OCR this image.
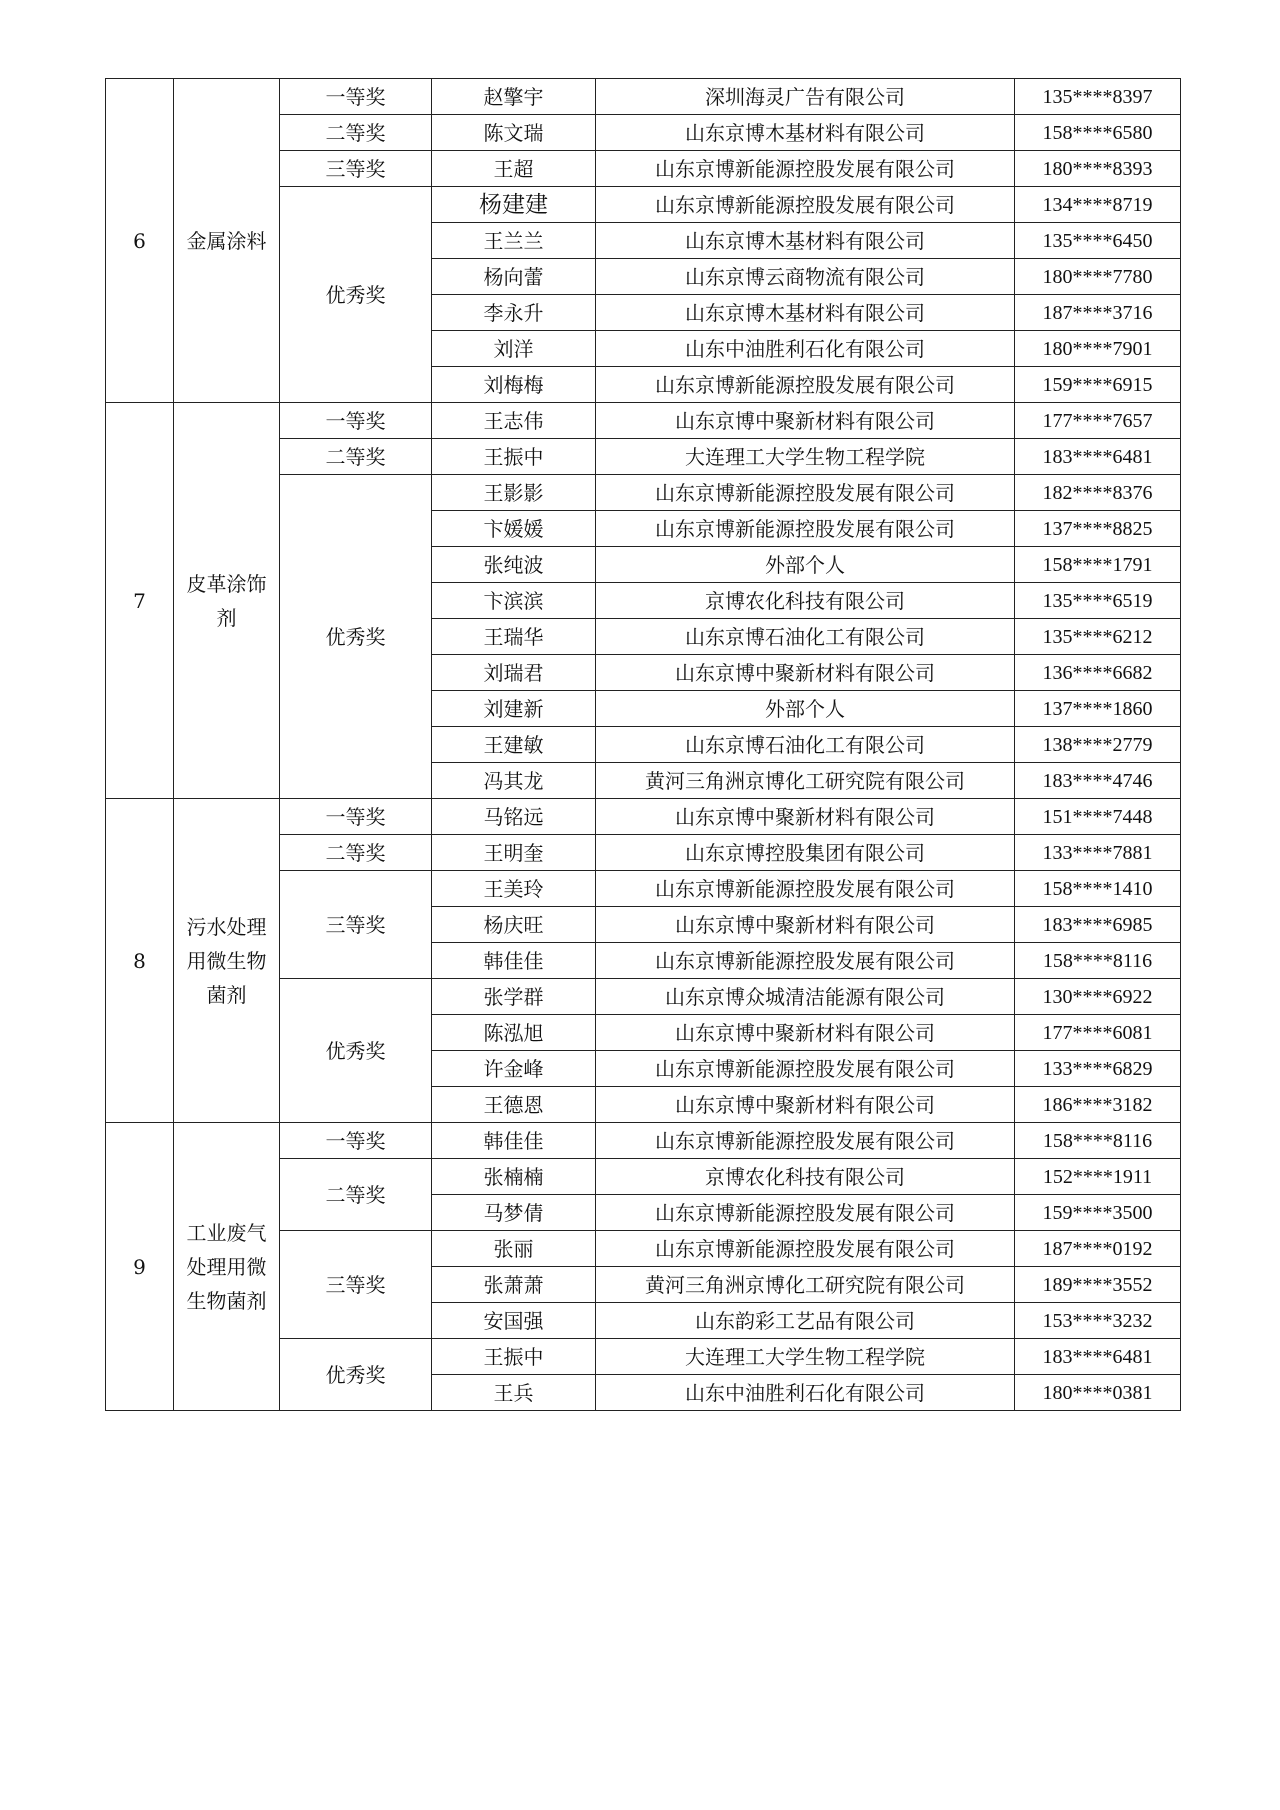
6	金属涂料	一等奖	赵擎宇	深圳海灵广告有限公司	135****8397
		二等奖	陈文瑞	山东京博木基材料有限公司	158****6580
		三等奖	王超	山东京博新能源控股发展有限公司	180****8393
		优秀奖	杨建建	山东京博新能源控股发展有限公司	134****8719
			王兰兰	山东京博木基材料有限公司	135****6450
			杨向蕾	山东京博云商物流有限公司	180****7780
			李永升	山东京博木基材料有限公司	187****3716
			刘洋	山东中油胜利石化有限公司	180****7901
			刘梅梅	山东京博新能源控股发展有限公司	159****6915
7	皮革涂饰剂	一等奖	王志伟	山东京博中聚新材料有限公司	177****7657
		二等奖	王振中	大连理工大学生物工程学院	183****6481
		优秀奖	王影影	山东京博新能源控股发展有限公司	182****8376
			卞媛媛	山东京博新能源控股发展有限公司	137****8825
			张纯波	外部个人	158****1791
			卞滨滨	京博农化科技有限公司	135****6519
			王瑞华	山东京博石油化工有限公司	135****6212
			刘瑞君	山东京博中聚新材料有限公司	136****6682
			刘建新	外部个人	137****1860
			王建敏	山东京博石油化工有限公司	138****2779
			冯其龙	黄河三角洲京博化工研究院有限公司	183****4746
8	污水处理用微生物菌剂	一等奖	马铭远	山东京博中聚新材料有限公司	151****7448
		二等奖	王明奎	山东京博控股集团有限公司	133****7881
		三等奖	王美玲	山东京博新能源控股发展有限公司	158****1410
			杨庆旺	山东京博中聚新材料有限公司	183****6985
			韩佳佳	山东京博新能源控股发展有限公司	158****8116
		优秀奖	张学群	山东京博众城清洁能源有限公司	130****6922
			陈泓旭	山东京博中聚新材料有限公司	177****6081
			许金峰	山东京博新能源控股发展有限公司	133****6829
			王德恩	山东京博中聚新材料有限公司	186****3182
9	工业废气处理用微生物菌剂	一等奖	韩佳佳	山东京博新能源控股发展有限公司	158****8116
		二等奖	张楠楠	京博农化科技有限公司	152****1911
			马梦倩	山东京博新能源控股发展有限公司	159****3500
		三等奖	张丽	山东京博新能源控股发展有限公司	187****0192
			张萧萧	黄河三角洲京博化工研究院有限公司	189****3552
			安国强	山东韵彩工艺品有限公司	153****3232
		优秀奖	王振中	大连理工大学生物工程学院	183****6481
			王兵	山东中油胜利石化有限公司	180****0381
